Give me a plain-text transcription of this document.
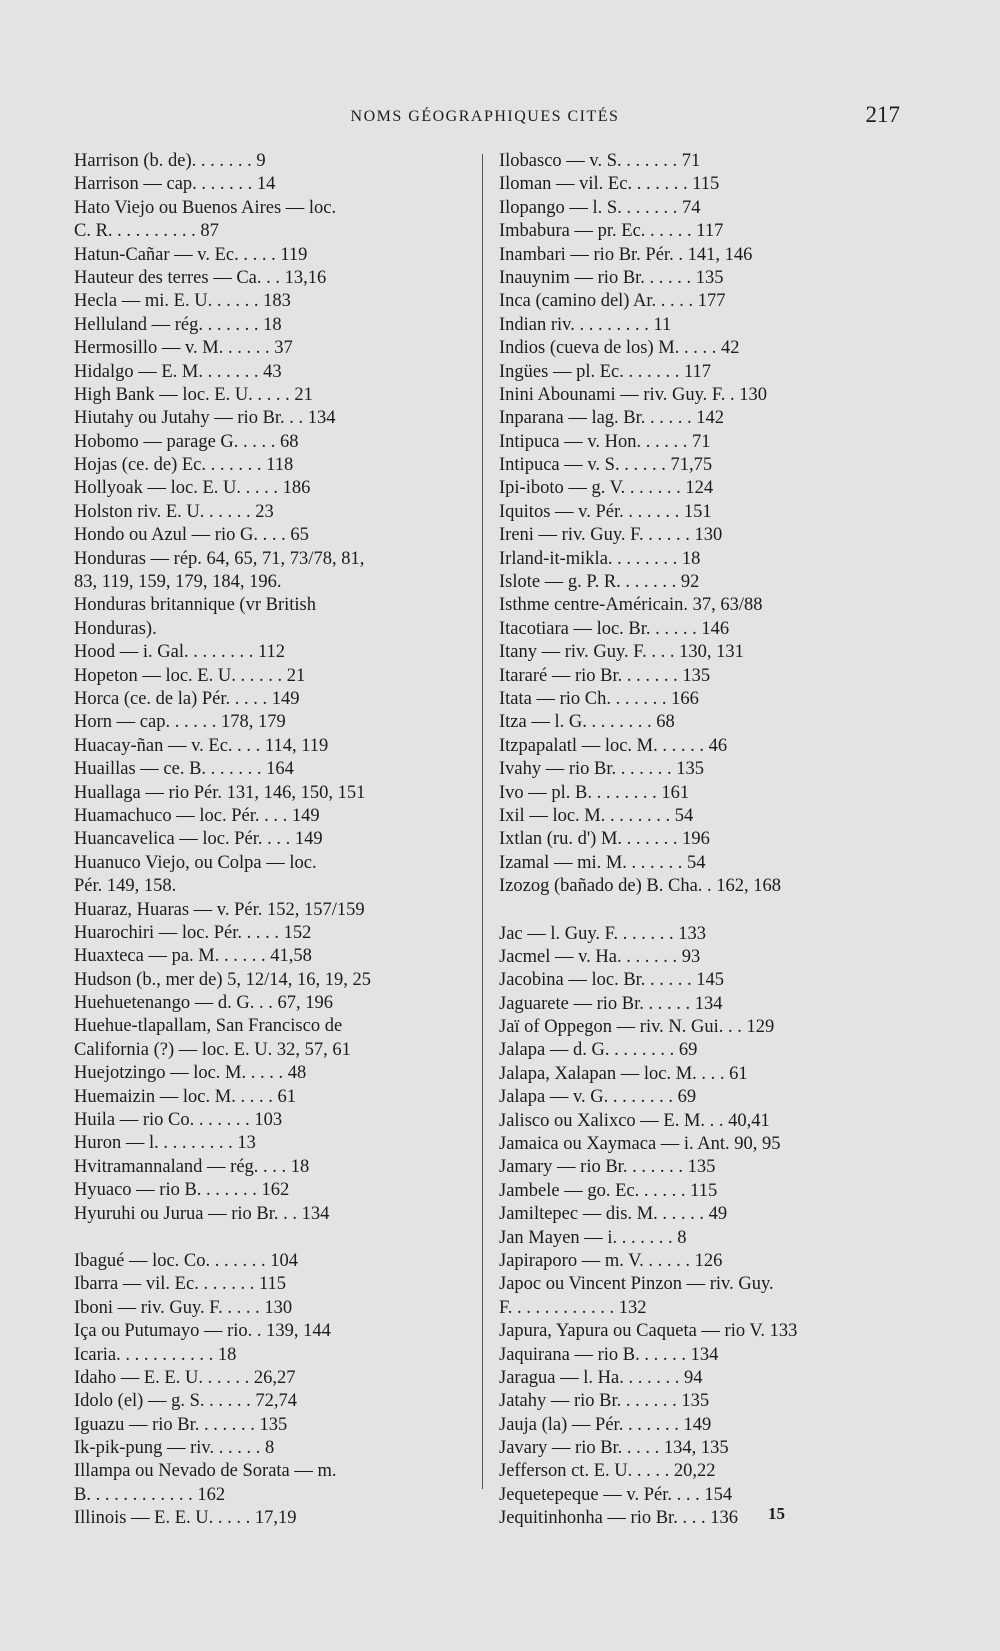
NOMS GÉOGRAPHIQUES CITÉS	217
Harrison (b. de). . . . . . . 9
Harrison — cap. . . . . . . 14
Hato Viejo ou Buenos Aires — loc.
C. R. . . . . . . . . . 87
Hatun-Cañar — v. Ec. . . . . 119
Hauteur des terres — Ca. . . 13,16
Hecla — mi. E. U. . . . . . 183
Helluland — rég. . . . . . . 18
Hermosillo — v. M. . . . . . 37
Hidalgo — E. M. . . . . . . 43
High Bank — loc. E. U. . . . . 21
Hiutahy ou Jutahy — rio Br. . . 134
Hobomo — parage G. . . . . 68
Hojas (ce. de) Ec. . . . . . . 118
Hollyoak — loc. E. U. . . . . 186
Holston riv. E. U. . . . . . 23
Hondo ou Azul — rio G. . . . 65
Honduras — rép. 64, 65, 71, 73/78, 81,
83, 119, 159, 179, 184, 196.
Honduras britannique (vr British
Honduras).
Hood — i. Gal. . . . . . . . 112
Hopeton — loc. E. U. . . . . . 21
Horca (ce. de la) Pér. . . . . 149
Horn — cap. . . . . . 178, 179
Huacay-ñan — v. Ec. . . . 114, 119
Huaillas — ce. B. . . . . . . 164
Huallaga — rio Pér. 131, 146, 150, 151
Huamachuco — loc. Pér. . . . 149
Huancavelica — loc. Pér. . . . 149
Huanuco Viejo, ou Colpa — loc.
Pér. 149, 158.
Huaraz, Huaras — v. Pér. 152, 157/159
Huarochiri — loc. Pér. . . . . 152
Huaxteca — pa. M. . . . . . 41,58
Hudson (b., mer de) 5, 12/14, 16, 19, 25
Huehuetenango — d. G. . . 67, 196
Huehue-tlapallam, San Francisco de
California (?) — loc. E. U. 32, 57, 61
Huejotzingo — loc. M. . . . . 48
Huemaizin — loc. M. . . . . 61
Huila — rio Co. . . . . . . 103
Huron — l. . . . . . . . . 13
Hvitramannaland — rég. . . . 18
Hyuaco — rio B. . . . . . . 162
Hyuruhi ou Jurua — rio Br. . . 134
Ibagué — loc. Co. . . . . . . 104
Ibarra — vil. Ec. . . . . . . 115
Iboni — riv. Guy. F. . . . . 130
Iça ou Putumayo — rio. . 139, 144
Icaria. . . . . . . . . . . 18
Idaho — E. E. U. . . . . . 26,27
Idolo (el) — g. S. . . . . . 72,74
Iguazu — rio Br. . . . . . . 135
Ik-pik-pung — riv. . . . . . 8
Illampa ou Nevado de Sorata — m.
B. . . . . . . . . . . . 162
Illinois — E. E. U. . . . . 17,19
Ilobasco — v. S. . . . . . . 71
Iloman — vil. Ec. . . . . . . 115
Ilopango — l. S. . . . . . . 74
Imbabura — pr. Ec. . . . . . 117
Inambari — rio Br. Pér. . 141, 146
Inauynim — rio Br. . . . . . 135
Inca (camino del) Ar. . . . . 177
Indian riv. . . . . . . . . 11
Indios (cueva de los) M. . . . . 42
Ingües — pl. Ec. . . . . . . 117
Inini Abounami — riv. Guy. F. . 130
Inparana — lag. Br. . . . . . 142
Intipuca — v. Hon. . . . . . 71
Intipuca — v. S. . . . . . 71,75
Ipi-iboto — g. V. . . . . . . 124
Iquitos — v. Pér. . . . . . . 151
Ireni — riv. Guy. F. . . . . . 130
Irland-it-mikla. . . . . . . . 18
Islote — g. P. R. . . . . . . 92
Isthme centre-Américain. 37, 63/88
Itacotiara — loc. Br. . . . . . 146
Itany — riv. Guy. F. . . . 130, 131
Itararé — rio Br. . . . . . . 135
Itata — rio Ch. . . . . . . 166
Itza — l. G. . . . . . . . 68
Itzpapalatl — loc. M. . . . . . 46
Ivahy — rio Br. . . . . . . 135
Ivo — pl. B. . . . . . . . 161
Ixil — loc. M. . . . . . . . 54
Ixtlan (ru. d') M. . . . . . . 196
Izamal — mi. M. . . . . . . 54
Izozog (bañado de) B. Cha. . 162, 168
Jac — l. Guy. F. . . . . . . 133
Jacmel — v. Ha. . . . . . . 93
Jacobina — loc. Br. . . . . . 145
Jaguarete — rio Br. . . . . . 134
Jaï of Oppegon — riv. N. Gui. . . 129
Jalapa — d. G. . . . . . . . 69
Jalapa, Xalapan — loc. M. . . . 61
Jalapa — v. G. . . . . . . . 69
Jalisco ou Xalixco — E. M. . . 40,41
Jamaica ou Xaymaca — i. Ant. 90, 95
Jamary — rio Br. . . . . . . 135
Jambele — go. Ec. . . . . . 115
Jamiltepec — dis. M. . . . . . 49
Jan Mayen — i. . . . . . . 8
Japiraporo — m. V. . . . . . 126
Japoc ou Vincent Pinzon — riv. Guy.
F. . . . . . . . . . . . 132
Japura, Yapura ou Caqueta — rio V. 133
Jaquirana — rio B. . . . . . 134
Jaragua — l. Ha. . . . . . . 94
Jatahy — rio Br. . . . . . . 135
Jauja (la) — Pér. . . . . . . 149
Javary — rio Br. . . . . 134, 135
Jefferson ct. E. U. . . . . 20,22
Jequetepeque — v. Pér. . . . 154
Jequitinhonha — rio Br. . . . 136	15
